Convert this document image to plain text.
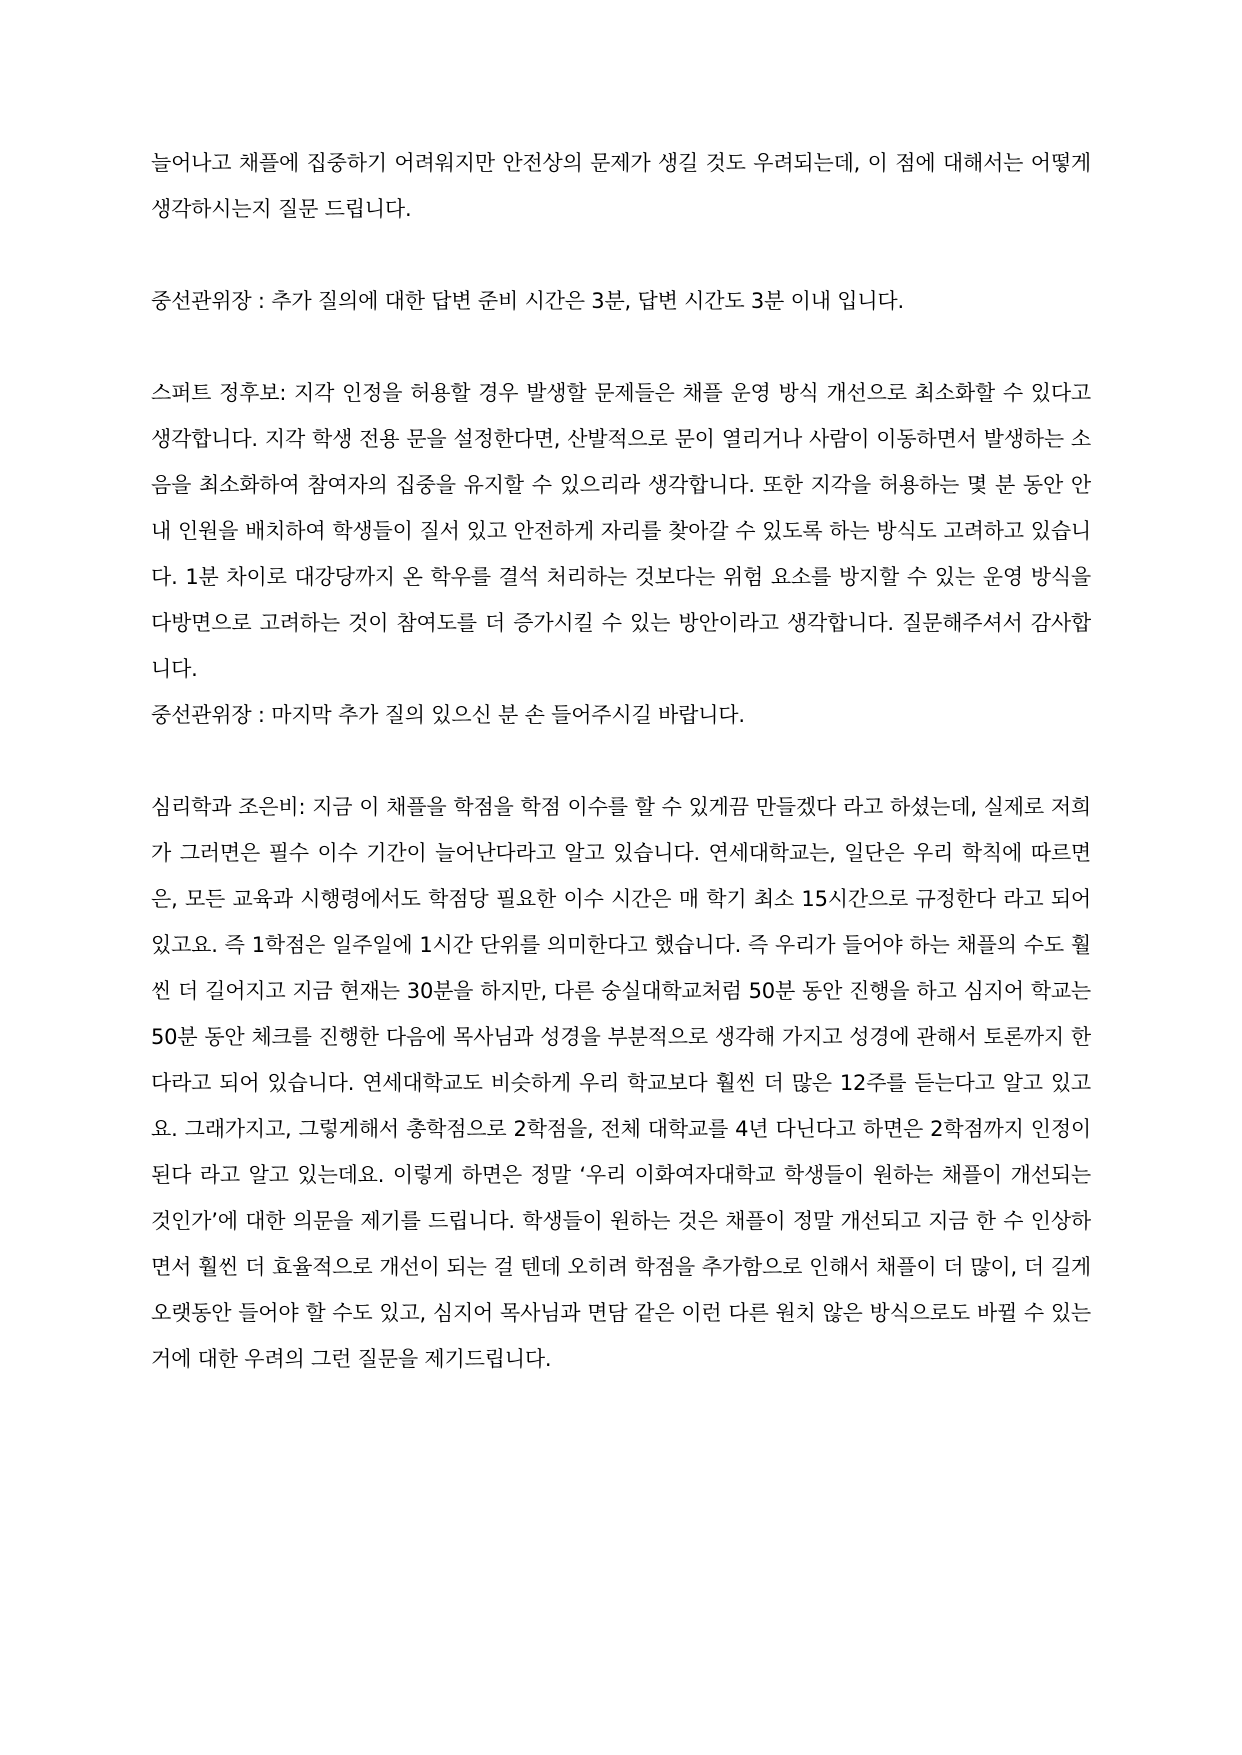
늘어나고 채플에 집중하기 어려워지만 안전상의 문제가 생길 것도 우려되는데, 이 점에 대해서는 어떻게 생각하시는지 질문 드립니다.

중선관위장 : 추가 질의에 대한 답변 준비 시간은 3분, 답변 시간도 3분 이내 입니다.

스퍼트 정후보: 지각 인정을 허용할 경우 발생할 문제들은 채플 운영 방식 개선으로 최소화할 수 있다고 생각합니다. 지각 학생 전용 문을 설정한다면, 산발적으로 문이 열리거나 사람이 이동하면서 발생하는 소음을 최소화하여 참여자의 집중을 유지할 수 있으리라 생각합니다. 또한 지각을 허용하는 몇 분 동안 안내 인원을 배치하여 학생들이 질서 있고 안전하게 자리를 찾아갈 수 있도록 하는 방식도 고려하고 있습니다. 1분 차이로 대강당까지 온 학우를 결석 처리하는 것보다는 위험 요소를 방지할 수 있는 운영 방식을 다방면으로 고려하는 것이 참여도를 더 증가시킬 수 있는 방안이라고 생각합니다. 질문해주셔서 감사합니다.

중선관위장 : 마지막 추가 질의 있으신 분 손 들어주시길 바랍니다.

심리학과 조은비: 지금 이 채플을 학점을 학점 이수를 할 수 있게끔 만들겠다 라고 하셨는데, 실제로 저희가 그러면은 필수 이수 기간이 늘어난다라고 알고 있습니다. 연세대학교는, 일단은 우리 학칙에 따르면은, 모든 교육과 시행령에서도 학점당 필요한 이수 시간은 매 학기 최소 15시간으로 규정한다 라고 되어 있고요. 즉 1학점은 일주일에 1시간 단위를 의미한다고 했습니다. 즉 우리가 들어야 하는 채플의 수도 훨씬 더 길어지고 지금 현재는 30분을 하지만, 다른 숭실대학교처럼 50분 동안 진행을 하고 심지어 학교는 50분 동안 체크를 진행한 다음에 목사님과 성경을 부분적으로 생각해 가지고 성경에 관해서 토론까지 한다라고 되어 있습니다. 연세대학교도 비슷하게 우리 학교보다 훨씬 더 많은 12주를 듣는다고 알고 있고요. 그래가지고, 그렇게해서 총학점으로 2학점을, 전체 대학교를 4년 다닌다고 하면은 2학점까지 인정이 된다 라고 알고 있는데요. 이렇게 하면은 정말 ‘우리 이화여자대학교 학생들이 원하는 채플이 개선되는 것인가’에 대한 의문을 제기를 드립니다. 학생들이 원하는 것은 채플이 정말 개선되고 지금 한 수 인상하면서 훨씬 더 효율적으로 개선이 되는 걸 텐데 오히려 학점을 추가함으로 인해서 채플이 더 많이, 더 길게 오랫동안 들어야 할 수도 있고, 심지어 목사님과 면담 같은 이런 다른 원치 않은 방식으로도 바뀔 수 있는 거에 대한 우려의 그런 질문을 제기드립니다.
